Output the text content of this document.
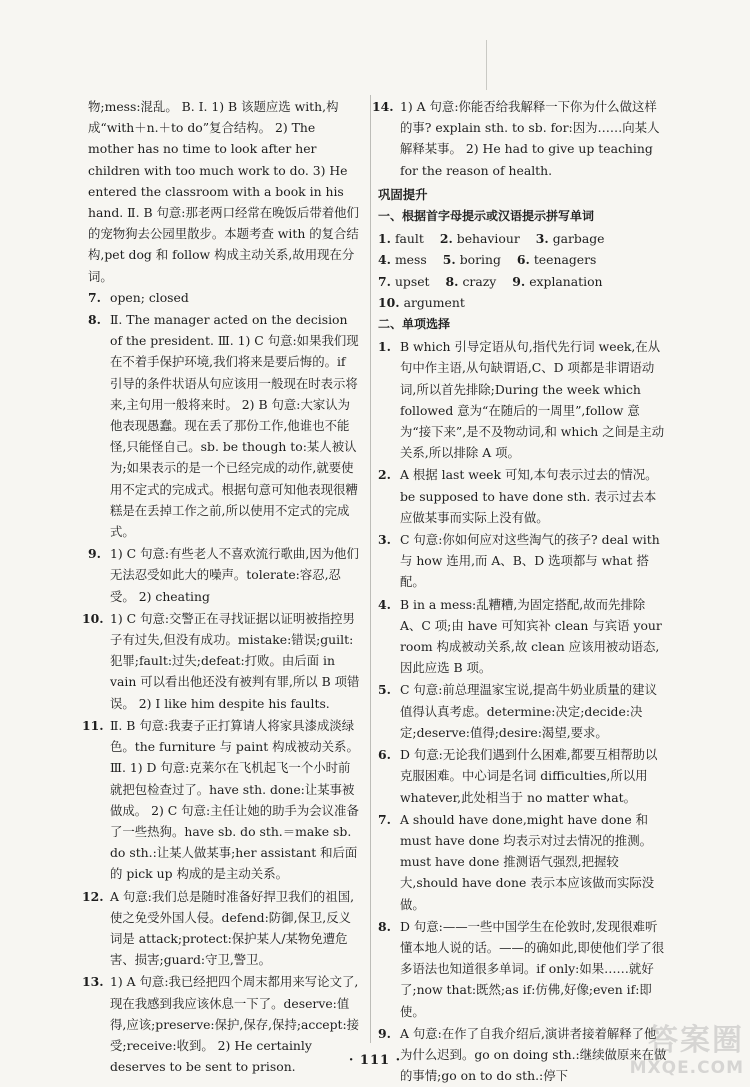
物;mess:混乱。 B. Ⅰ. 1) B 该题应选 with,构成“with＋n.＋to do”复合结构。 2) The mother has no time to look after her children with too much work to do. 3) He entered the classroom with a book in his hand. Ⅱ. B 句意:那老两口经常在晚饭后带着他们的宠物狗去公园里散步。本题考查 with 的复合结构,pet dog 和 follow 构成主动关系,故用现在分词。
7. open; closed
8. Ⅱ. The manager acted on the decision of the president. Ⅲ. 1) C 句意:如果我们现在不着手保护环境,我们将来是要后悔的。if 引导的条件状语从句应该用一般现在时表示将来,主句用一般将来时。 2) B 句意:大家认为他表现愚蠢。现在丢了那份工作,他谁也不能怪,只能怪自己。sb. be though to:某人被认为;如果表示的是一个已经完成的动作,就要使用不定式的完成式。根据句意可知他表现很糟糕是在丢掉工作之前,所以使用不定式的完成式。
9. 1) C 句意:有些老人不喜欢流行歌曲,因为他们无法忍受如此大的噪声。tolerate:容忍,忍受。 2) cheating
10. 1) C 句意:交警正在寻找证据以证明被指控男子有过失,但没有成功。mistake:错误;guilt:犯罪;fault:过失;defeat:打败。由后面 in vain 可以看出他还没有被判有罪,所以 B 项错误。 2) I like him despite his faults.
11. Ⅱ. B 句意:我妻子正打算请人将家具漆成淡绿色。the furniture 与 paint 构成被动关系。Ⅲ. 1) D 句意:克莱尔在飞机起飞一个小时前就把包检查过了。have sth. done:让某事被做成。 2) C 句意:主任让她的助手为会议准备了一些热狗。have sb. do sth.＝make sb. do sth.:让某人做某事;her assistant 和后面的 pick up 构成的是主动关系。
12. A 句意:我们总是随时准备好捍卫我们的祖国,使之免受外国人侵。defend:防御,保卫,反义词是 attack;protect:保护某人/某物免遭危害、损害;guard:守卫,警卫。
13. 1) A 句意:我已经把四个周末都用来写论文了,现在我感到我应该休息一下了。deserve:值得,应该;preserve:保护,保存,保持;accept:接受;receive:收到。 2) He certainly deserves to be sent to prison.
14. 1) A 句意:你能否给我解释一下你为什么做这样的事? explain sth. to sb. for:因为……向某人解释某事。 2) He had to give up teaching for the reason of health.
巩固提升
一、根据首字母提示或汉语提示拼写单词
1. fault 2. behaviour 3. garbage
4. mess 5. boring 6. teenagers
7. upset 8. crazy 9. explanation
10. argument
二、单项选择
1. B which 引导定语从句,指代先行词 week,在从句中作主语,从句缺谓语,C、D 项都是非谓语动词,所以首先排除;During the week which followed 意为“在随后的一周里”,follow 意为“接下来”,是不及物动词,和 which 之间是主动关系,所以排除 A 项。
2. A 根据 last week 可知,本句表示过去的情况。be supposed to have done sth. 表示过去本应做某事而实际上没有做。
3. C 句意:你如何应对这些淘气的孩子? deal with 与 how 连用,而 A、B、D 选项都与 what 搭配。
4. B in a mess:乱糟糟,为固定搭配,故而先排除 A、C 项;由 have 可知宾补 clean 与宾语 your room 构成被动关系,故 clean 应该用被动语态,因此应选 B 项。
5. C 句意:前总理温家宝说,提高牛奶业质量的建议值得认真考虑。determine:决定;decide:决定;deserve:值得;desire:渴望,要求。
6. D 句意:无论我们遇到什么困难,都要互相帮助以克服困难。中心词是名词 difficulties,所以用 whatever,此处相当于 no matter what。
7. A should have done,might have done 和 must have done 均表示对过去情况的推测。must have done 推测语气强烈,把握较大,should have done 表示本应该做而实际没做。
8. D 句意:——一些中国学生在伦敦时,发现很难听懂本地人说的话。——的确如此,即使他们学了很多语法也知道很多单词。if only:如果……就好了;now that:既然;as if:仿佛,好像;even if:即使。
9. A 句意:在作了自我介绍后,演讲者接着解释了他为什么迟到。go on doing sth.:继续做原来在做的事情;go on to do sth.:停下
· 111 ·
答案圈
MXQE.COM
